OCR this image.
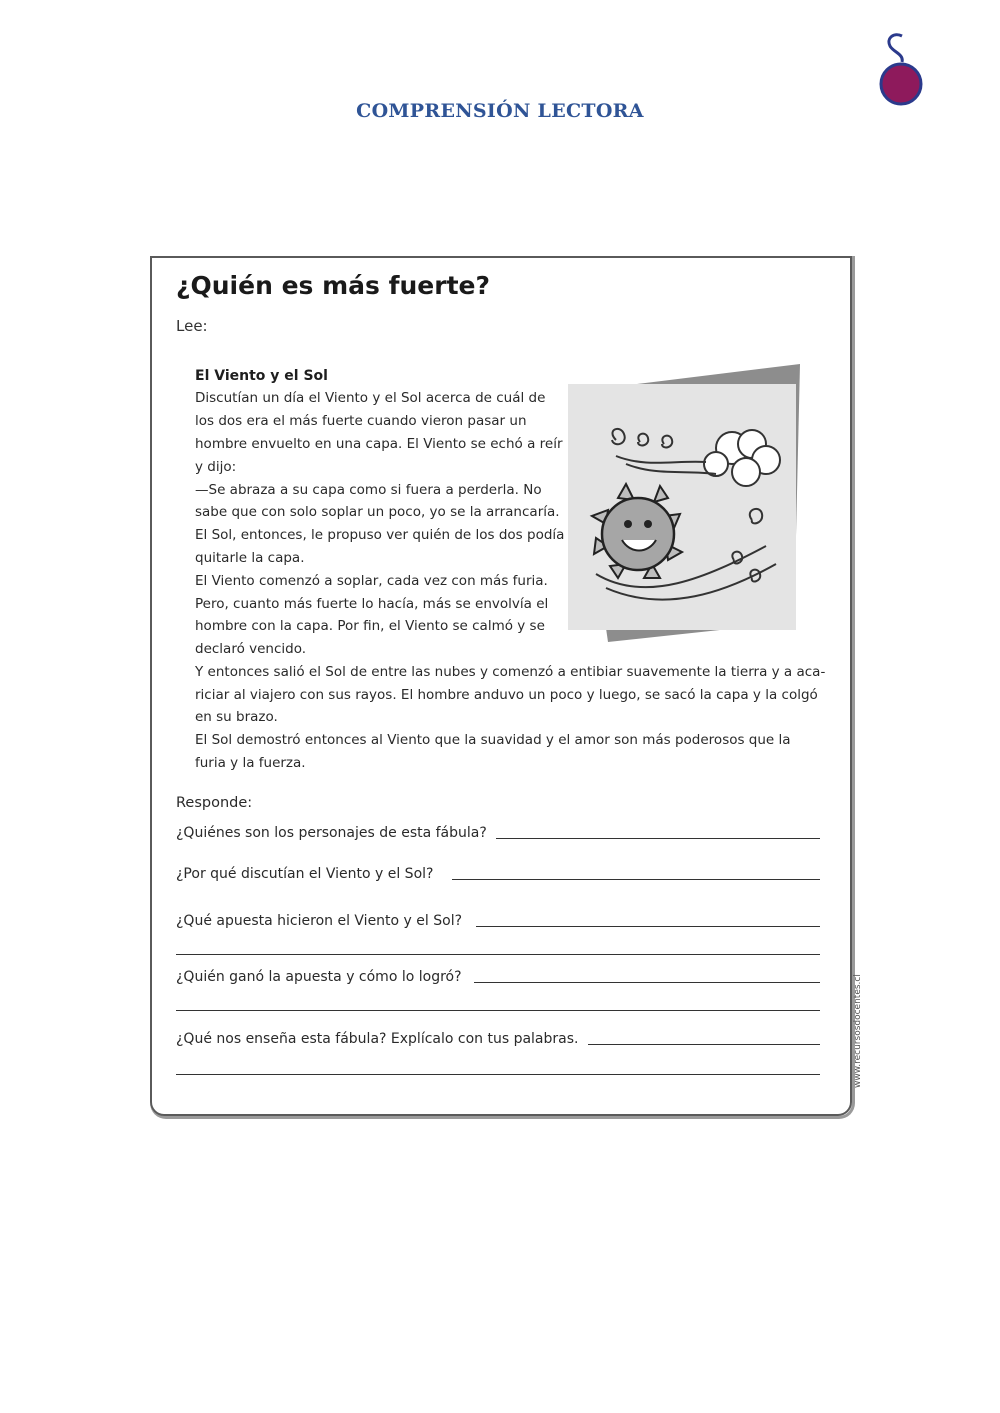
COMPRENSIÓN LECTORA
¿Quién es más fuerte?
Lee:
El Viento y el Sol
Discutían un día el Viento y el Sol acerca de cuál de
los dos era el más fuerte cuando vieron pasar un
hombre envuelto en una capa. El Viento se echó a reír
y dijo:
—Se abraza a su capa como si fuera a perderla. No
sabe que con solo soplar un poco, yo se la arrancaría.
El Sol, entonces, le propuso ver quién de los dos podía
quitarle la capa.
El Viento comenzó a soplar, cada vez con más furia.
Pero, cuanto más fuerte lo hacía, más se envolvía el
hombre con la capa. Por fin, el Viento se calmó y se
declaró vencido.
Y entonces salió el Sol de entre las nubes y comenzó a entibiar suavemente la tierra y a aca-
riciar al viajero con sus rayos. El hombre anduvo un poco y luego, se sacó la capa y la colgó
en su brazo.
El Sol demostró entonces al Viento que la suavidad y el amor son más poderosos que la
furia y la fuerza.
Responde:
¿Quiénes son los personajes de esta fábula?
¿Por qué discutían el Viento y el Sol?
¿Qué apuesta hicieron el Viento y el Sol?
¿Quién ganó la apuesta y cómo lo logró?
¿Qué nos enseña esta fábula? Explícalo con tus palabras.	www.recursosdocentes.cl
